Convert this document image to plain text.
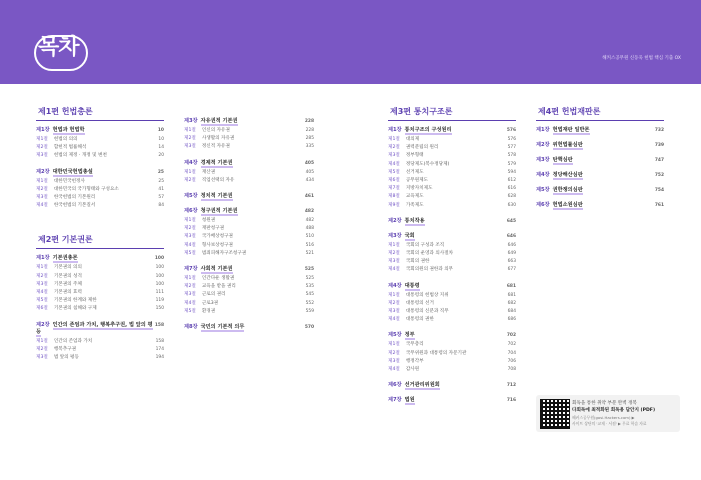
목차	해커스공무원 신동욱 헌법 핵심 기출 OX
제1편 헌법총론
제1장 헌법과 헌법학	10
제1절 헌법의 의의	10
제2절 합헌적 법률해석	14
제3절 헌법의 제정 · 개정 및 변천	20
제2장 대한민국헌법총설	25
제1절 대한민국헌정사	25
제2절 대한민국의 국가형태와 구성요소	41
제3절 한국헌법의 기본원리	57
제4절 한국헌법의 기본질서	84
제2편 기본권론
제1장 기본권총론	100
제1절 기본권의 의의	100
제2절 기본권의 성격	100
제3절 기본권의 주체	100
제4절 기본권의 효력	111
제5절 기본권의 한계와 제한	119
제6절 기본권의 침해와 구제	150
제2장 인간의 존엄과 가치, 행복추구권, 법 앞의 평등
158
제1절 인간의 존엄과 가치	158
제2절 행복추구권	174
제3절 법 앞의 평등	194
제3장 자유권적 기본권	228
제1절 인신의 자유권	228
제2절 사생활의 자유권	285
제3절 정신적 자유권	335
제4장 경제적 기본권	405
제1절 재산권	405
제2절 직업선택의 자유	434
제5장 정치적 기본권	461
제6장 청구권적 기본권	482
제1절 청원권	482
제2절 재판청구권	488
제3절 국가배상청구권	510
제4절 형사보상청구권	516
제5절 범죄피해자구조청구권	521
제7장 사회적 기본권	525
제1절 인간다운 생활권	525
제2절 교육을 받을 권리	535
제3절 근로의 권리	545
제4절 근로3권	552
제5절 환경권	559
제8장 국민의 기본적 의무	570
제3편 통치구조론
제1장 통치구조의 구성원리	576
제1절 대의제	576
제2절 권력분립의 원리	577
제3절 정부형태	578
제4절 정당제도(복수정당제)	579
제5절 선거제도	594
제6절 공무원제도	612
제7절 지방자치제도	616
제8절 교육제도	628
제9절 가족제도	630
제2장 통치작용	645
제3장 국회	646
제1절 국회의 구성과 조직	646
제2절 국회의 운영과 의사절차	649
제3절 국회의 권한	663
제4절 국회의원의 권한과 의무	677
제4장 대통령	681
제1절 대통령의 헌법상 지위	681
제2절 대통령의 선거	682
제3절 대통령의 신분과 직무	684
제4절 대통령의 권한	686
제5장 정부	702
제1절 국무총리	702
제2절 국무위원과 대통령의 자문기관	704
제3절 행정각부	706
제4절 감사원	708
제6장 선거관리위원회	712
제7장 법원	716
제4편 헌법재판론
제1장 헌법재판 일반론	732
제2장 위헌법률심판	739
제3장 탄핵심판	747
제4장 정당해산심판	752
제5장 권한쟁의심판	754
제6장 헌법소원심판	761
회독을 통한 취약 부분 완벽 정복
다회독에 최적화된 회독용 답안지 (PDF)
해커스공무원(gosi.Hackers.com) ▶
사이트 상단의 '교재 · 서점' ▶ 무료 학습 자료
